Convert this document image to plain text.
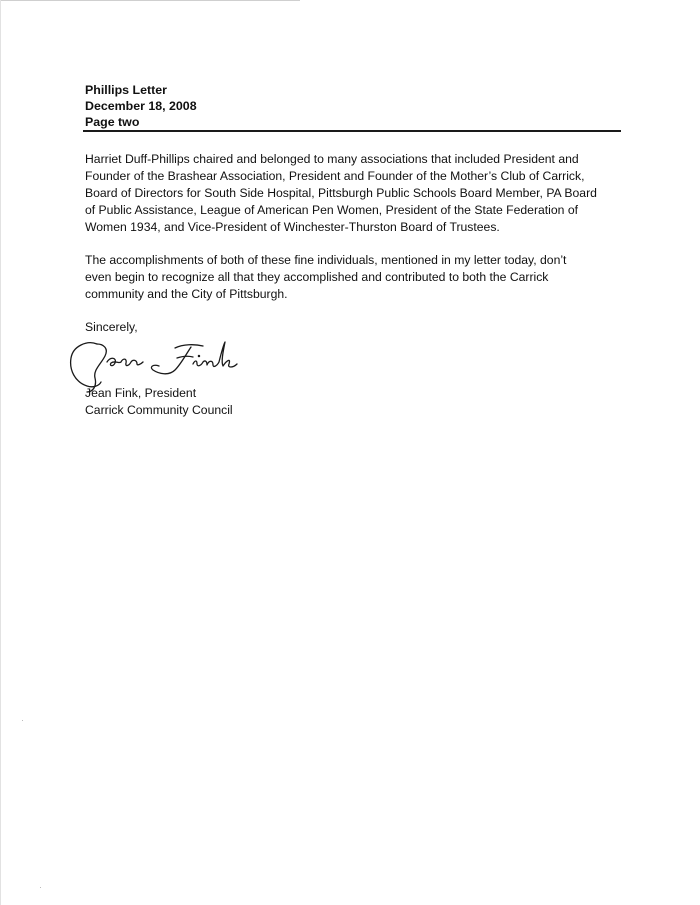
Phillips Letter
December 18, 2008
Page two
Harriet Duff-Phillips chaired and belonged to many associations that included President and
Founder of the Brashear Association, President and Founder of the Mother’s Club of Carrick,
Board of Directors for South Side Hospital, Pittsburgh Public Schools Board Member, PA Board
of Public Assistance, League of American Pen Women, President of the State Federation of
Women 1934, and Vice-President of Winchester-Thurston Board of Trustees.
The accomplishments of both of these fine individuals, mentioned in my letter today, don’t
even begin to recognize all that they accomplished and contributed to both the Carrick
community and the City of Pittsburgh.
Sincerely,
Jean Fink, President
Carrick Community Council
